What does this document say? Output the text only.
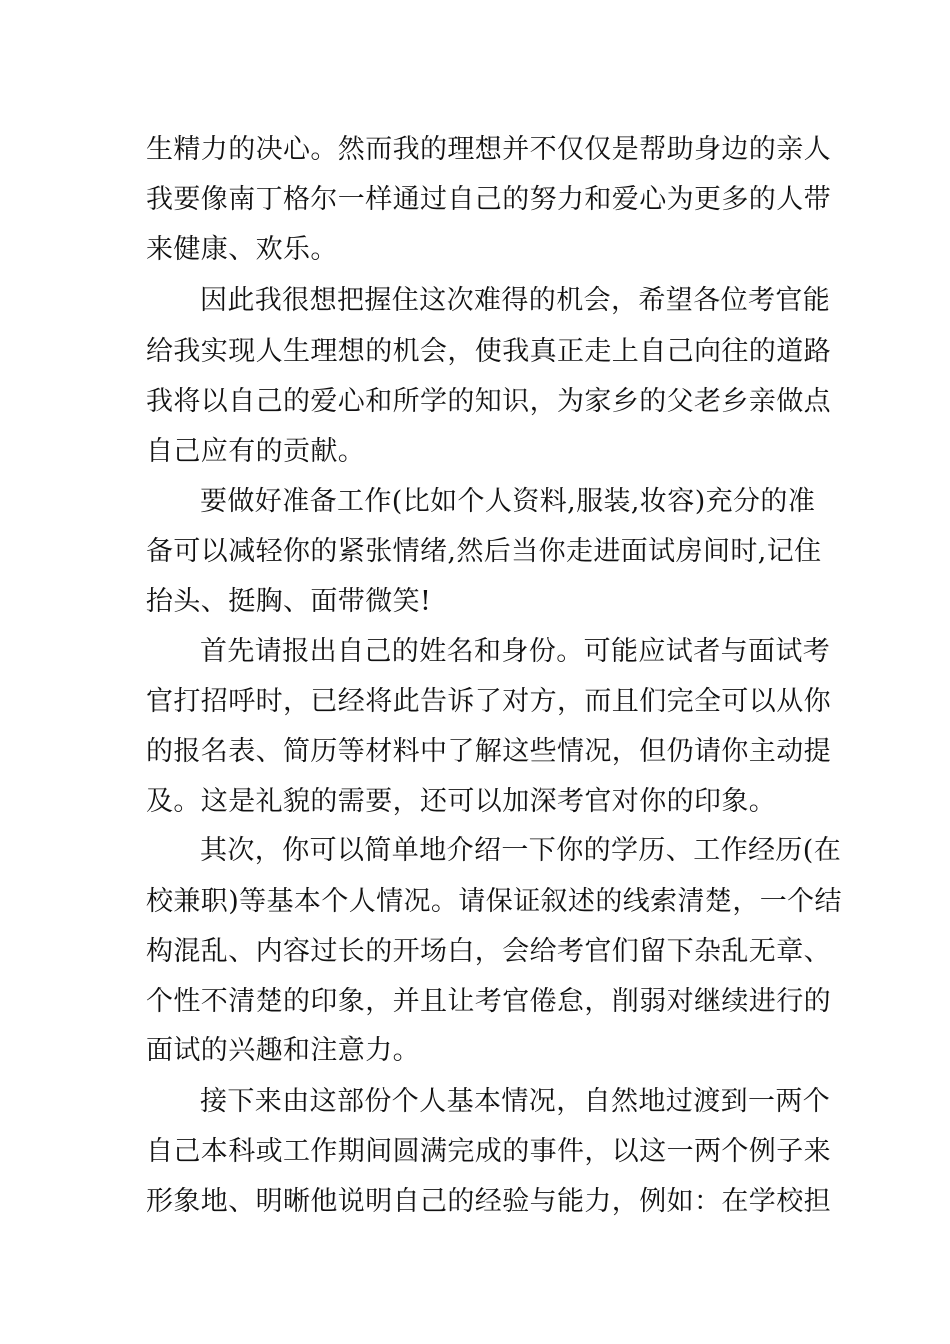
生精力的决心。然而我的理想并不仅仅是帮助身边的亲人
我要像南丁格尔一样通过自己的努力和爱心为更多的人带
来健康、欢乐。
因此我很想把握住这次难得的机会，希望各位考官能
给我实现人生理想的机会，使我真正走上自己向往的道路
我将以自己的爱心和所学的知识，为家乡的父老乡亲做点
自己应有的贡献。
要做好准备工作(比如个人资料,服装,妆容)充分的准
备可以减轻你的紧张情绪,然后当你走进面试房间时,记住
抬头、挺胸、面带微笑!
首先请报出自己的姓名和身份。可能应试者与面试考
官打招呼时，已经将此告诉了对方，而且们完全可以从你
的报名表、简历等材料中了解这些情况，但仍请你主动提
及。这是礼貌的需要，还可以加深考官对你的印象。
其次，你可以简单地介绍一下你的学历、工作经历(在
校兼职)等基本个人情况。请保证叙述的线索清楚，一个结
构混乱、内容过长的开场白，会给考官们留下杂乱无章、
个性不清楚的印象，并且让考官倦怠，削弱对继续进行的
面试的兴趣和注意力。
接下来由这部份个人基本情况，自然地过渡到一两个
自己本科或工作期间圆满完成的事件，以这一两个例子来
形象地、明晰他说明自己的经验与能力，例如：在学校担
